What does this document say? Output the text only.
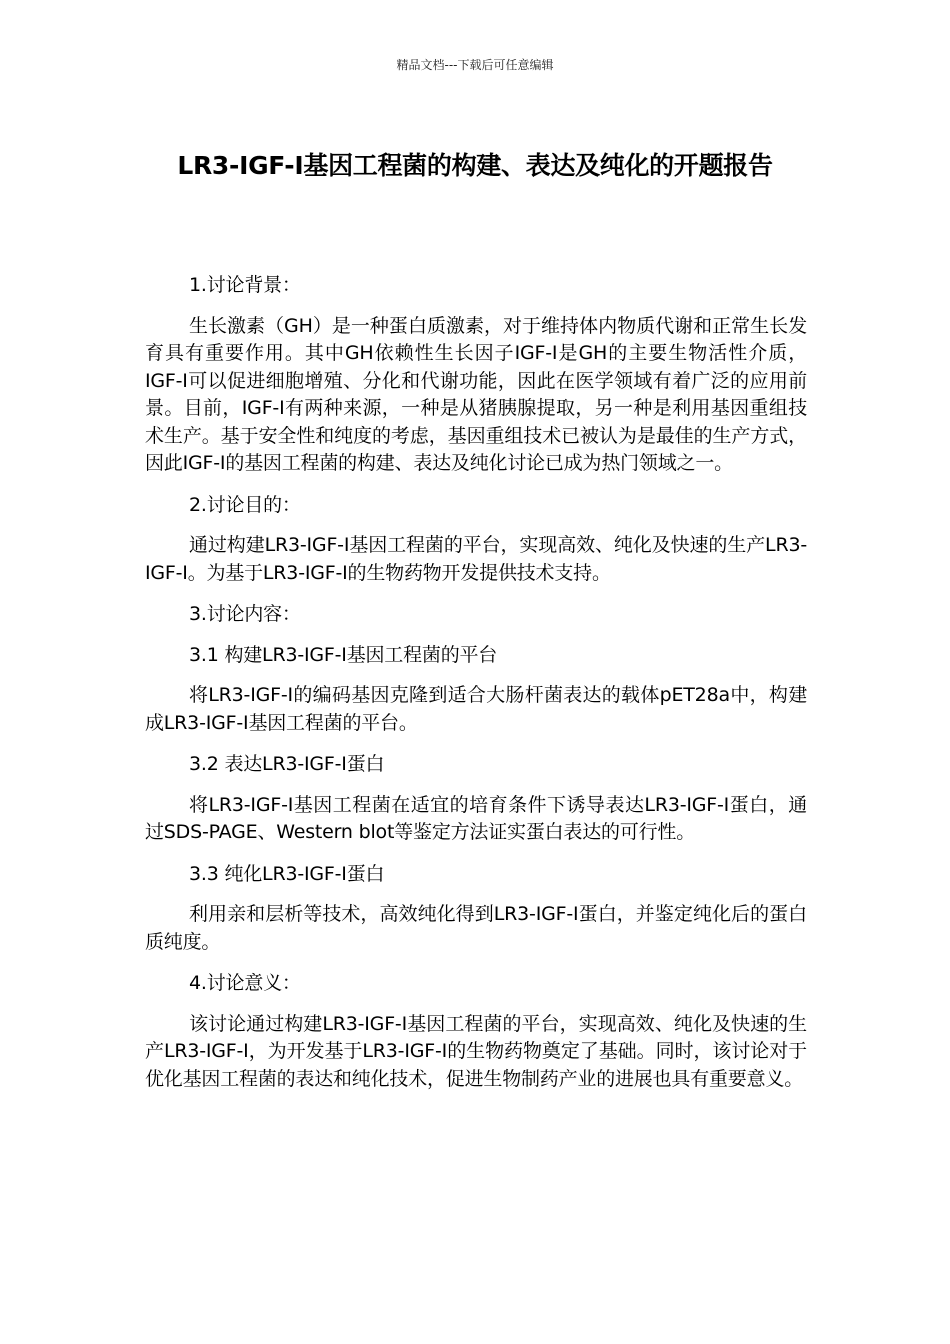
精品文档---下载后可任意编辑
LR3-IGF-I基因工程菌的构建、表达及纯化的开题报告

1.讨论背景：

生长激素（GH）是一种蛋白质激素，对于维持体内物质代谢和正常生长发育具有重要作用。其中GH依赖性生长因子IGF-I是GH的主要生物活性介质，IGF-I可以促进细胞增殖、分化和代谢功能，因此在医学领域有着广泛的应用前景。目前，IGF-I有两种来源，一种是从猪胰腺提取，另一种是利用基因重组技术生产。基于安全性和纯度的考虑，基因重组技术已被认为是最佳的生产方式，因此IGF-I的基因工程菌的构建、表达及纯化讨论已成为热门领域之一。

2.讨论目的：

通过构建LR3-IGF-I基因工程菌的平台，实现高效、纯化及快速的生产LR3-IGF-I。为基于LR3-IGF-I的生物药物开发提供技术支持。

3.讨论内容：

3.1 构建LR3-IGF-I基因工程菌的平台

将LR3-IGF-I的编码基因克隆到适合大肠杆菌表达的载体pET28a中，构建成LR3-IGF-I基因工程菌的平台。

3.2 表达LR3-IGF-I蛋白

将LR3-IGF-I基因工程菌在适宜的培育条件下诱导表达LR3-IGF-I蛋白，通过SDS-PAGE、Western blot等鉴定方法证实蛋白表达的可行性。

3.3 纯化LR3-IGF-I蛋白

利用亲和层析等技术，高效纯化得到LR3-IGF-I蛋白，并鉴定纯化后的蛋白质纯度。

4.讨论意义：

该讨论通过构建LR3-IGF-I基因工程菌的平台，实现高效、纯化及快速的生产LR3-IGF-I，为开发基于LR3-IGF-I的生物药物奠定了基础。同时，该讨论对于优化基因工程菌的表达和纯化技术，促进生物制药产业的进展也具有重要意义。
